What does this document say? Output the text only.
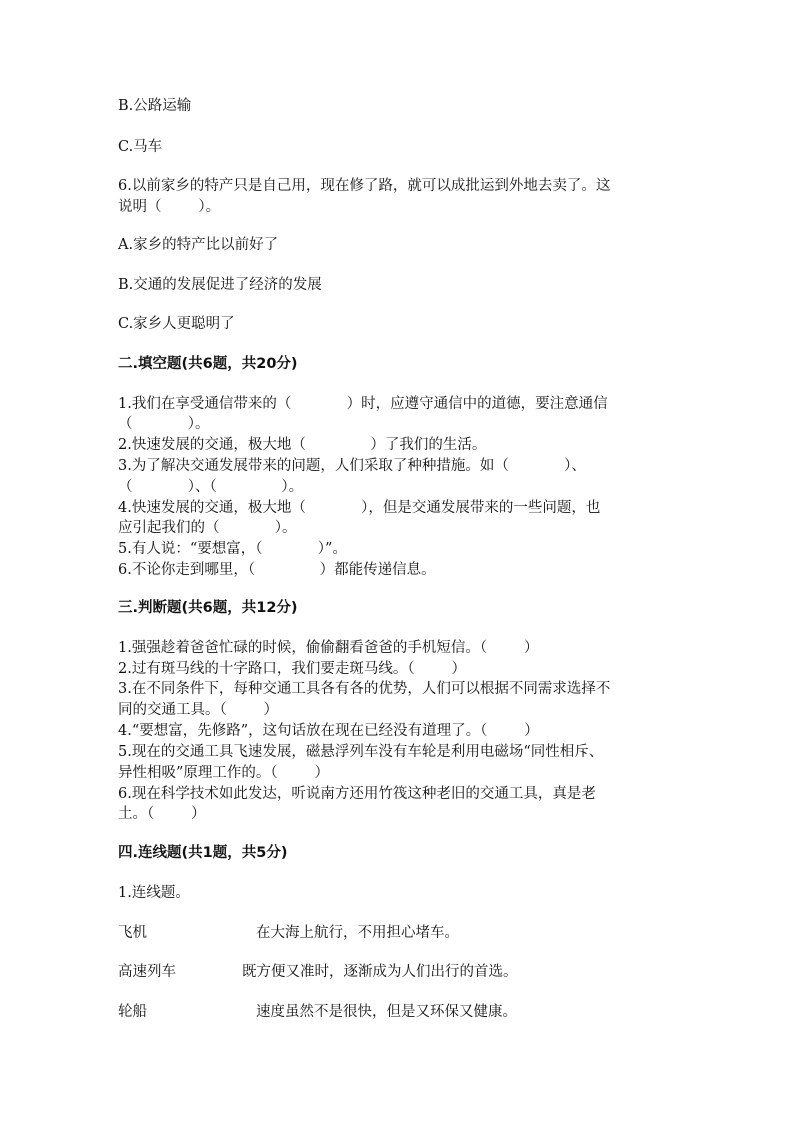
B.公路运输
C.马车
6.以前家乡的特产只是自己用，现在修了路，就可以成批运到外地去卖了。这
说明（        ）。
A.家乡的特产比以前好了
B.交通的发展促进了经济的发展
C.家乡人更聪明了
二.填空题(共6题，共20分)
1.我们在享受通信带来的（            ）时，应遵守通信中的道德，要注意通信
（            ）。
2.快速发展的交通，极大地（              ）了我们的生活。
3.为了解决交通发展带来的问题，人们采取了种种措施。如（            ）、
（            ）、（              ）。
4.快速发展的交通，极大地（            ），但是交通发展带来的一些问题，也
应引起我们的（            ）。
5.有人说：“要想富，（            ）”。
6.不论你走到哪里，（              ）都能传递信息。
三.判断题(共6题，共12分)
1.强强趁着爸爸忙碌的时候，偷偷翻看爸爸的手机短信。（        ）
2.过有斑马线的十字路口，我们要走斑马线。（        ）
3.在不同条件下，每种交通工具各有各的优势，人们可以根据不同需求选择不
同的交通工具。（        ）
4.“要想富，先修路”，这句话放在现在已经没有道理了。（        ）
5.现在的交通工具飞速发展，磁悬浮列车没有车轮是利用电磁场“同性相斥、
异性相吸”原理工作的。（        ）
6.现在科学技术如此发达，听说南方还用竹筏这种老旧的交通工具，真是老
土。（        ）
四.连线题(共1题，共5分)
1.连线题。
飞机	在大海上航行，不用担心堵车。
高速列车	既方便又准时，逐渐成为人们出行的首选。
轮船	速度虽然不是很快，但是又环保又健康。
